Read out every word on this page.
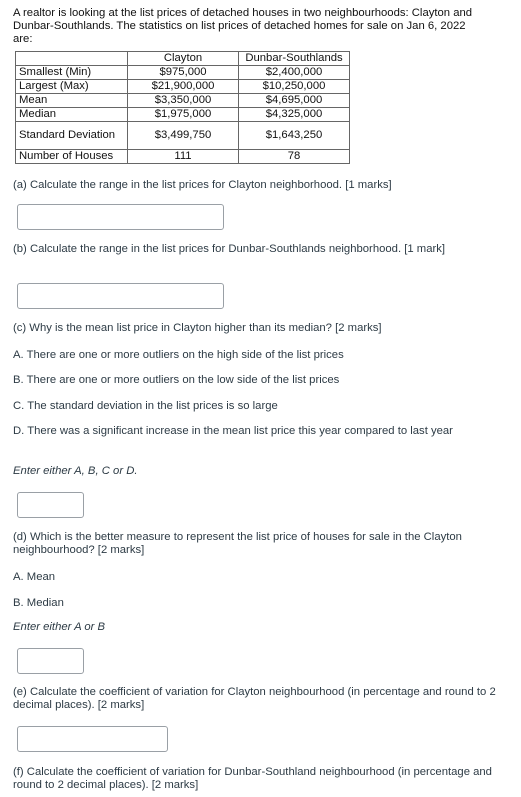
A realtor is looking at the list prices of detached houses in two neighbourhoods: Clayton and Dunbar-Southlands. The statistics on list prices of detached homes for sale on Jan 6, 2022 are:
	Clayton	Dunbar-Southlands
Smallest (Min)	$975,000	$2,400,000
Largest (Max)	$21,900,000	$10,250,000
Mean	$3,350,000	$4,695,000
Median	$1,975,000	$4,325,000
Standard Deviation	$3,499,750	$1,643,250
Number of Houses	111	78
(a) Calculate the range in the list prices for Clayton neighborhood. [1 marks]
(b) Calculate the range in the list prices for Dunbar-Southlands neighborhood. [1 mark]
(c) Why is the mean list price in Clayton higher than its median? [2 marks]
A. There are one or more outliers on the high side of the list prices
B. There are one or more outliers on the low side of the list prices
C. The standard deviation in the list prices is so large
D. There was a significant increase in the mean list price this year compared to last year
Enter either A, B, C or D.
(d) Which is the better measure to represent the list price of houses for sale in the Clayton neighbourhood? [2 marks]
A. Mean
B. Median
Enter either A or B
(e) Calculate the coefficient of variation for Clayton neighbourhood (in percentage and round to 2 decimal places). [2 marks]
(f) Calculate the coefficient of variation for Dunbar-Southland neighbourhood (in percentage and round to 2 decimal places). [2 marks]
